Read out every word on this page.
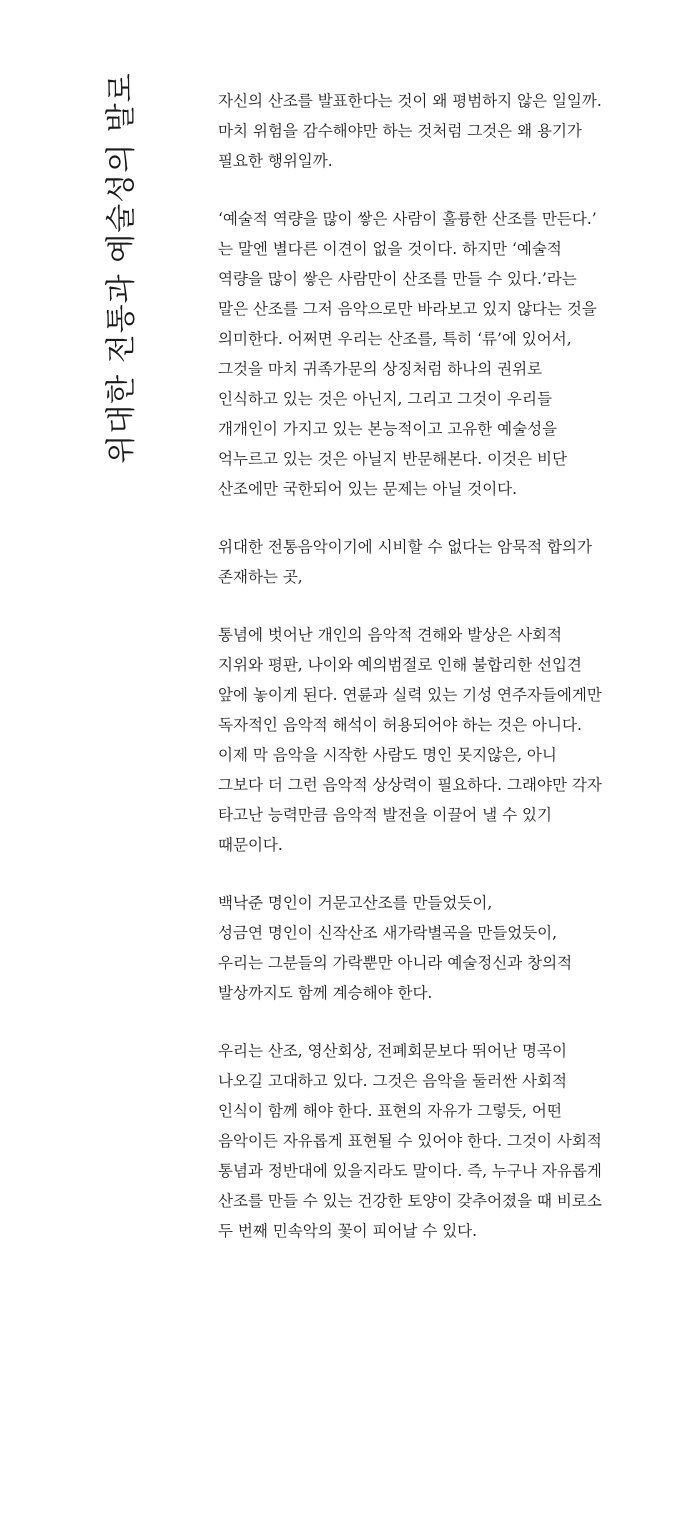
위대한 전통과 예술성의 발로	자신의 산조를 발표한다는 것이 왜 평범하지 않은 일일까.
마치 위험을 감수해야만 하는 것처럼 그것은 왜 용기가
필요한 행위일까.
‘예술적 역량을 많이 쌓은 사람이 훌륭한 산조를 만든다.’
는 말엔 별다른 이견이 없을 것이다. 하지만 ‘예술적
역량을 많이 쌓은 사람만이 산조를 만들 수 있다.’라는
말은 산조를 그저 음악으로만 바라보고 있지 않다는 것을
의미한다. 어쩌면 우리는 산조를, 특히 ‘류’에 있어서,
그것을 마치 귀족가문의 상징처럼 하나의 권위로
인식하고 있는 것은 아닌지, 그리고 그것이 우리들
개개인이 가지고 있는 본능적이고 고유한 예술성을
억누르고 있는 것은 아닐지 반문해본다. 이것은 비단
산조에만 국한되어 있는 문제는 아닐 것이다.
위대한 전통음악이기에 시비할 수 없다는 암묵적 합의가
존재하는 곳,
통념에 벗어난 개인의 음악적 견해와 발상은 사회적
지위와 평판, 나이와 예의범절로 인해 불합리한 선입견
앞에 놓이게 된다. 연륜과 실력 있는 기성 연주자들에게만
독자적인 음악적 해석이 허용되어야 하는 것은 아니다.
이제 막 음악을 시작한 사람도 명인 못지않은, 아니
그보다 더 그런 음악적 상상력이 필요하다. 그래야만 각자
타고난 능력만큼 음악적 발전을 이끌어 낼 수 있기
때문이다.
백낙준 명인이 거문고산조를 만들었듯이,
성금연 명인이 신작산조 새가락별곡을 만들었듯이,
우리는 그분들의 가락뿐만 아니라 예술정신과 창의적
발상까지도 함께 계승해야 한다.
우리는 산조, 영산회상, 전폐회문보다 뛰어난 명곡이
나오길 고대하고 있다. 그것은 음악을 둘러싼 사회적
인식이 함께 해야 한다. 표현의 자유가 그렇듯, 어떤
음악이든 자유롭게 표현될 수 있어야 한다. 그것이 사회적
통념과 정반대에 있을지라도 말이다. 즉, 누구나 자유롭게
산조를 만들 수 있는 건강한 토양이 갖추어졌을 때 비로소
두 번째 민속악의 꽃이 피어날 수 있다.
